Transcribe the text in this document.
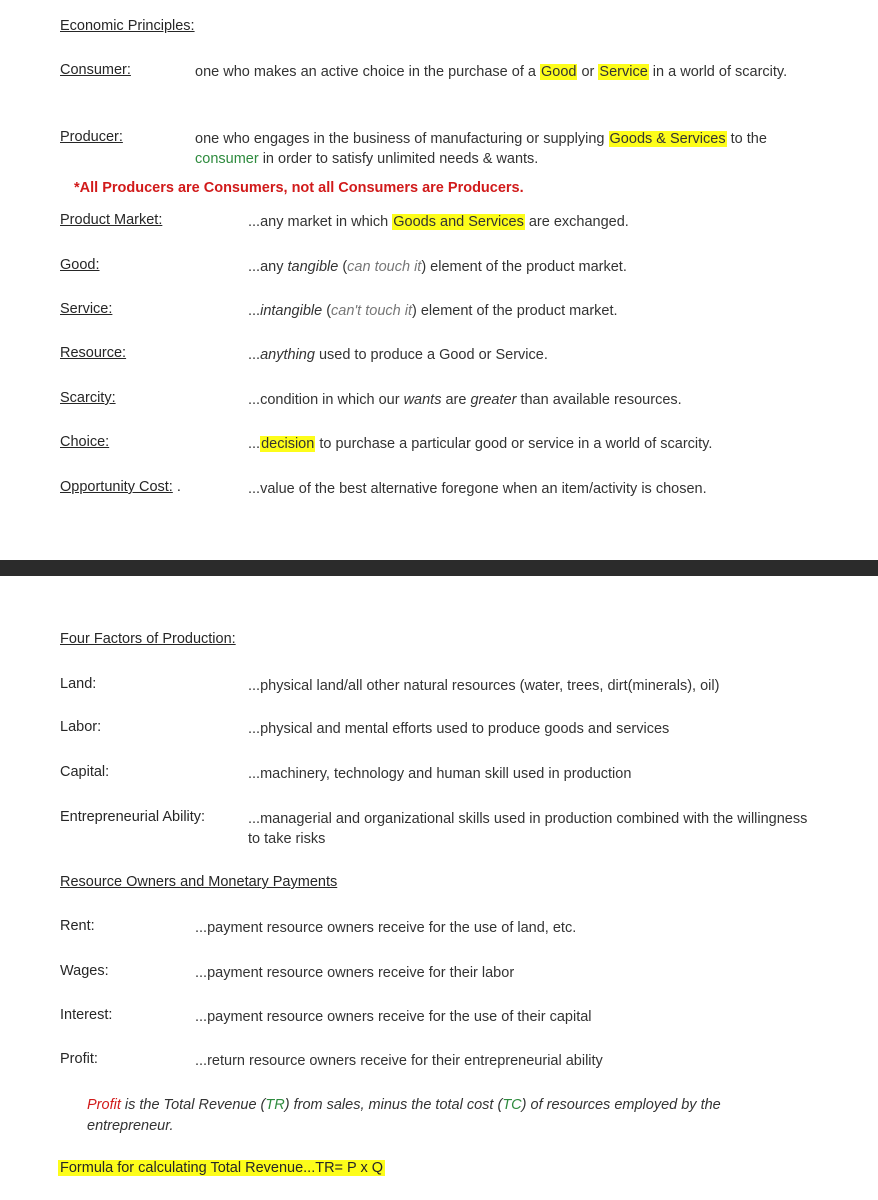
Economic Principles:
Consumer:	one who makes an active choice in the purchase of a Good or Service in a world of scarcity.
Producer:	one who engages in the business of manufacturing or supplying Goods & Services to the consumer in order to satisfy unlimited needs & wants.
*All Producers are Consumers, not all Consumers are Producers.
Product Market:	...any market in which Goods and Services are exchanged.
Good:	...any tangible (can touch it) element of the product market.
Service:	...intangible (can't touch it) element of the product market.
Resource:	...anything used to produce a Good or Service.
Scarcity:	...condition in which our wants are greater than available resources.
Choice:	...decision to purchase a particular good or service in a world of scarcity.
Opportunity Cost: .	...value of the best alternative foregone when an item/activity is chosen.
Four Factors of Production:
Land:	...physical land/all other natural resources (water, trees, dirt(minerals), oil)
Labor:	...physical and mental efforts used to produce goods and services
Capital:	...machinery, technology and human skill used in production
Entrepreneurial Ability:	...managerial and organizational skills used in production combined with the willingness to take risks
Resource Owners and Monetary Payments
Rent:	...payment resource owners receive for the use of land, etc.
Wages:	...payment resource owners receive for their labor
Interest:	...payment resource owners receive for the use of their capital
Profit:	...return resource owners receive for their entrepreneurial ability
Profit is the Total Revenue (TR) from sales, minus the total cost (TC) of resources employed by the entrepreneur.
Formula for calculating Total Revenue...TR= P x Q
